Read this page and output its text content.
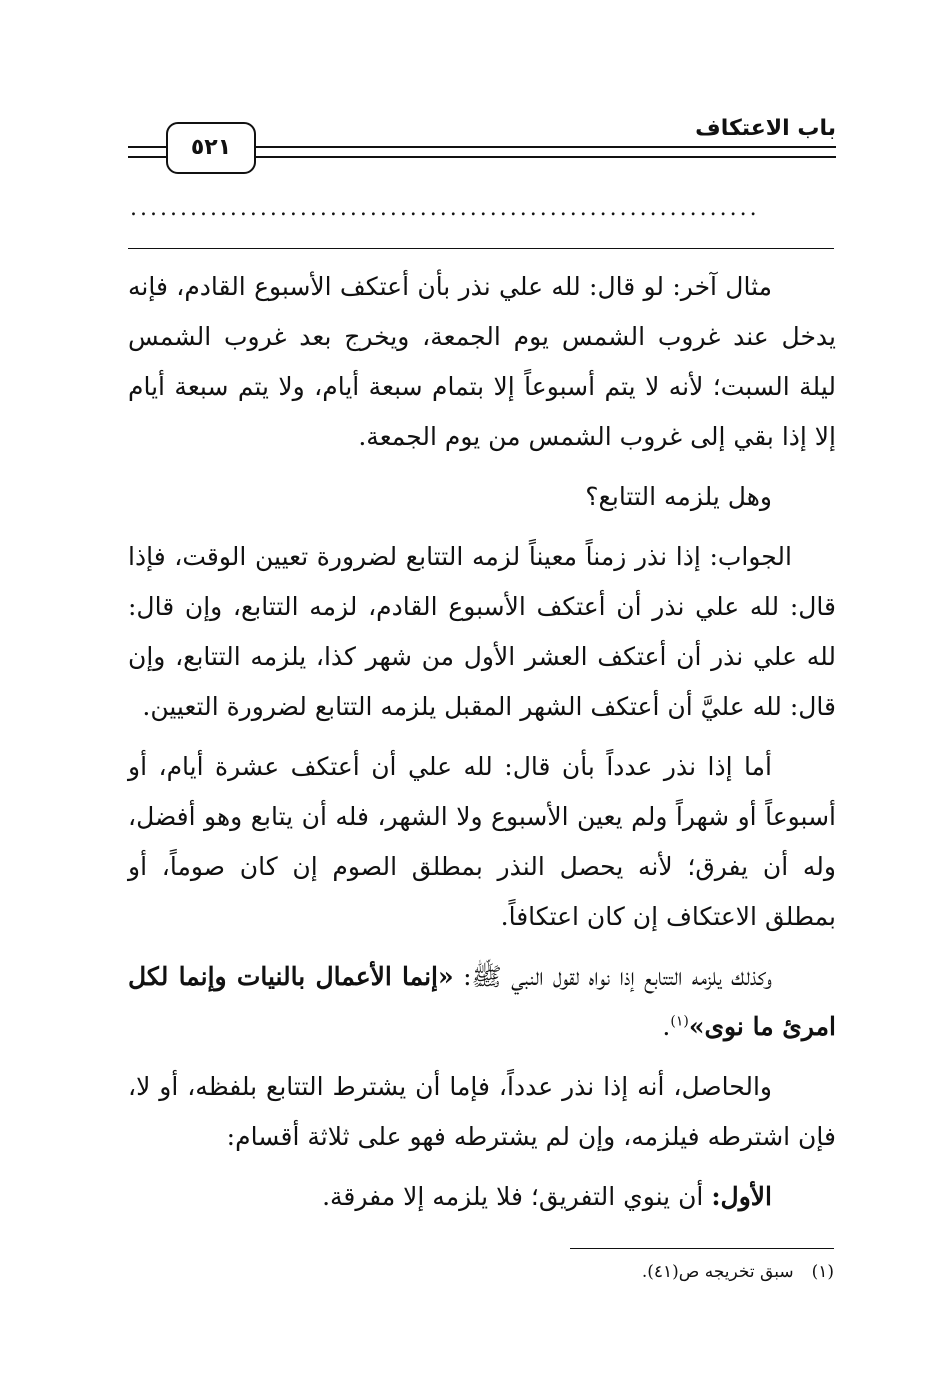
باب الاعتكاف
٥٢١
...............................................................

مثال آخر: لو قال: لله علي نذر بأن أعتكف الأسبوع القادم، فإنه يدخل عند غروب الشمس يوم الجمعة، ويخرج بعد غروب الشمس ليلة السبت؛ لأنه لا يتم أسبوعاً إلا بتمام سبعة أيام، ولا يتم سبعة أيام إلا إذا بقي إلى غروب الشمس من يوم الجمعة.

وهل يلزمه التتابع؟

الجواب: إذا نذر زمناً معيناً لزمه التتابع لضرورة تعيين الوقت، فإذا قال: لله علي نذر أن أعتكف الأسبوع القادم، لزمه التتابع، وإن قال: لله علي نذر أن أعتكف العشر الأول من شهر كذا، يلزمه التتابع، وإن قال: لله عليَّ أن أعتكف الشهر المقبل يلزمه التتابع لضرورة التعيين.

أما إذا نذر عدداً بأن قال: لله علي أن أعتكف عشرة أيام، أو أسبوعاً أو شهراً ولم يعين الأسبوع ولا الشهر، فله أن يتابع وهو أفضل، وله أن يفرق؛ لأنه يحصل النذر بمطلق الصوم إن كان صوماً، أو بمطلق الاعتكاف إن كان اعتكافاً.

وكذلك يلزمه التتابع إذا نواه لقول النبي ﷺ: «إنما الأعمال بالنيات وإنما لكل امرئ ما نوى»$^{(١)}$.

والحاصل، أنه إذا نذر عدداً، فإما أن يشترط التتابع بلفظه، أو لا، فإن اشترطه فيلزمه، وإن لم يشترطه فهو على ثلاثة أقسام:

الأول: أن ينوي التفريق؛ فلا يلزمه إلا مفرقة.

(١)سبق تخريجه ص(٤١).
